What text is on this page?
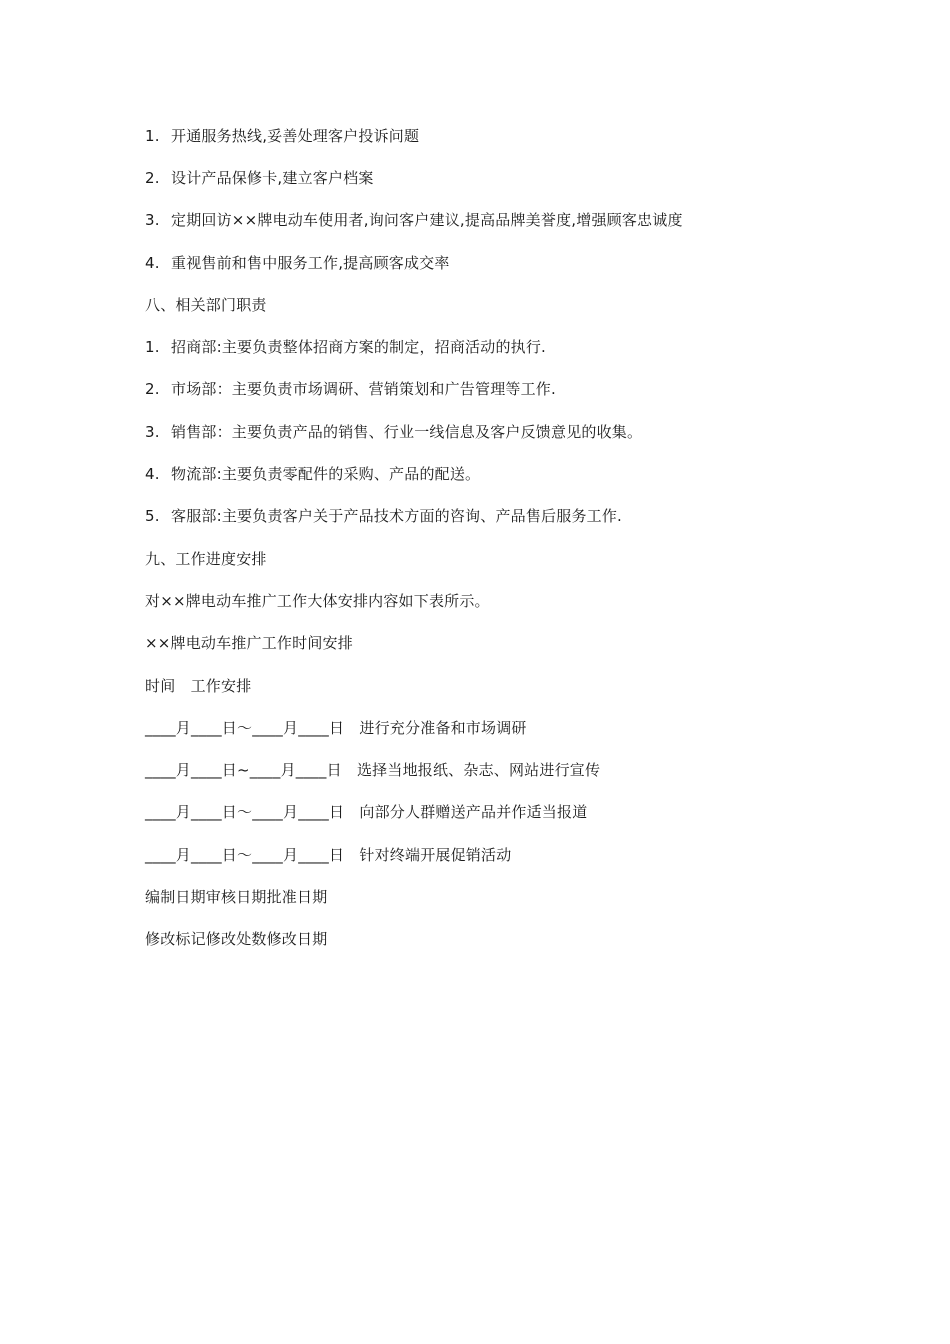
1. 开通服务热线,妥善处理客户投诉问题
2. 设计产品保修卡,建立客户档案
3. 定期回访××牌电动车使用者,询问客户建议,提高品牌美誉度,增强顾客忠诚度
4. 重视售前和售中服务工作,提高顾客成交率
八、相关部门职责
1. 招商部:主要负责整体招商方案的制定，招商活动的执行.
2. 市场部：主要负责市场调研、营销策划和广告管理等工作.
3. 销售部：主要负责产品的销售、行业一线信息及客户反馈意见的收集。
4. 物流部:主要负责零配件的采购、产品的配送。
5. 客服部:主要负责客户关于产品技术方面的咨询、产品售后服务工作.
九、工作进度安排
对××牌电动车推广工作大体安排内容如下表所示。
××牌电动车推广工作时间安排
时间　工作安排
____月____日～____月____日　进行充分准备和市场调研
____月____日~____月____日　选择当地报纸、杂志、网站进行宣传
____月____日～____月____日　向部分人群赠送产品并作适当报道
____月____日～____月____日　针对终端开展促销活动
编制日期审核日期批准日期
修改标记修改处数修改日期
